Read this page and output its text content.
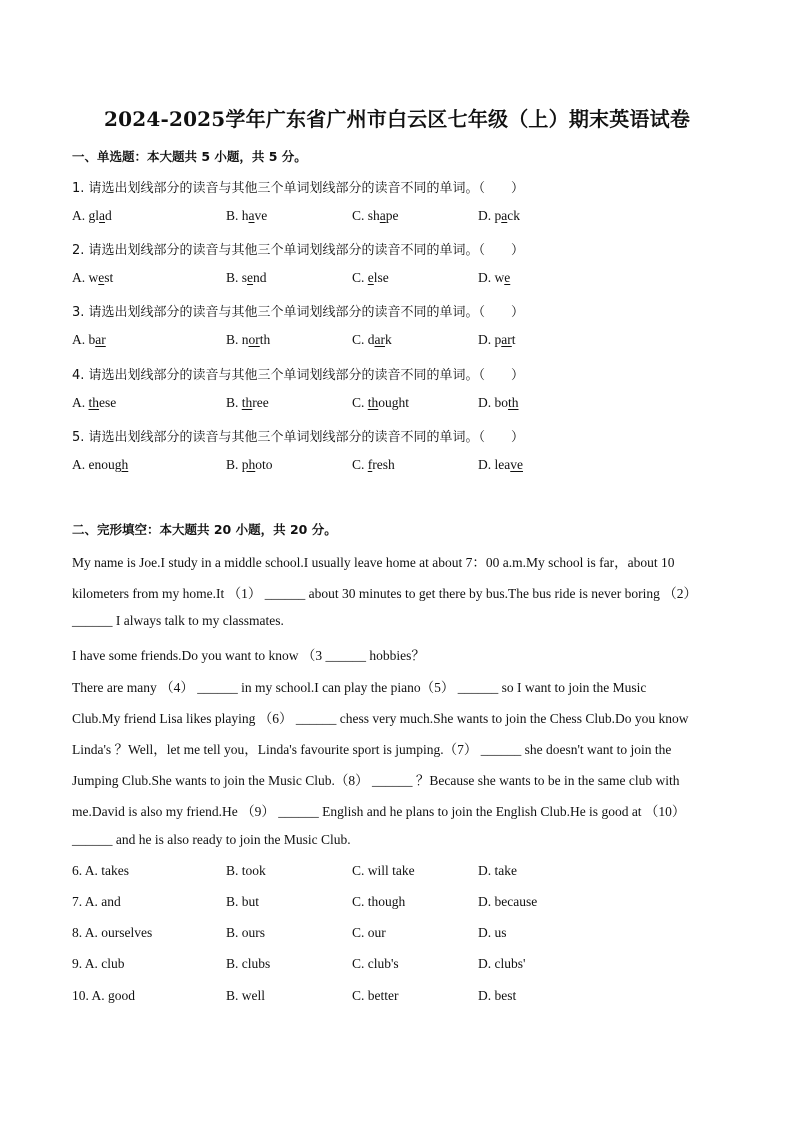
2024-2025学年广东省广州市白云区七年级（上）期末英语试卷
一、单选题：本大题共 5 小题，共 5 分。
1. 请选出划线部分的读音与其他三个单词划线部分的读音不同的单词。（　　）
A. glad	B. have	C. shape	D. pack
2. 请选出划线部分的读音与其他三个单词划线部分的读音不同的单词。（　　）
A. west	B. send	C. else	D. we
3. 请选出划线部分的读音与其他三个单词划线部分的读音不同的单词。（　　）
A. bar	B. north	C. dark	D. part
4. 请选出划线部分的读音与其他三个单词划线部分的读音不同的单词。（　　）
A. these	B. three	C. thought	D. both
5. 请选出划线部分的读音与其他三个单词划线部分的读音不同的单词。（　　）
A. enough	B. photo	C. fresh	D. leave
二、完形填空：本大题共 20 小题，共 20 分。
My name is Joe.I study in a middle school.I usually leave home at about 7：00 a.m.My school is far，about 10
kilometers from my home.It （1） ______ about 30 minutes to get there by bus.The bus ride is never boring （2）
______ I always talk to my classmates.
I have some friends.Do you want to know （3 ______ hobbies？
There are many （4） ______ in my school.I can play the piano（5） ______ so I want to join the Music
Club.My friend Lisa likes playing （6） ______ chess very much.She wants to join the Chess Club.Do you know
Linda's ？Well，let me tell you，Linda's favourite sport is jumping.（7） ______ she doesn't want to join the
Jumping Club.She wants to join the Music Club.（8） ______ ？Because she wants to be in the same club with
me.David is also my friend.He （9） ______ English and he plans to join the English Club.He is good at （10）
______ and he is also ready to join the Music Club.
6. A. takes	B. took	C. will take	D. take
7. A. and	B. but	C. though	D. because
8. A. ourselves	B. ours	C. our	D. us
9. A. club	B. clubs	C. club's	D. clubs'
10. A. good	B. well	C. better	D. best
